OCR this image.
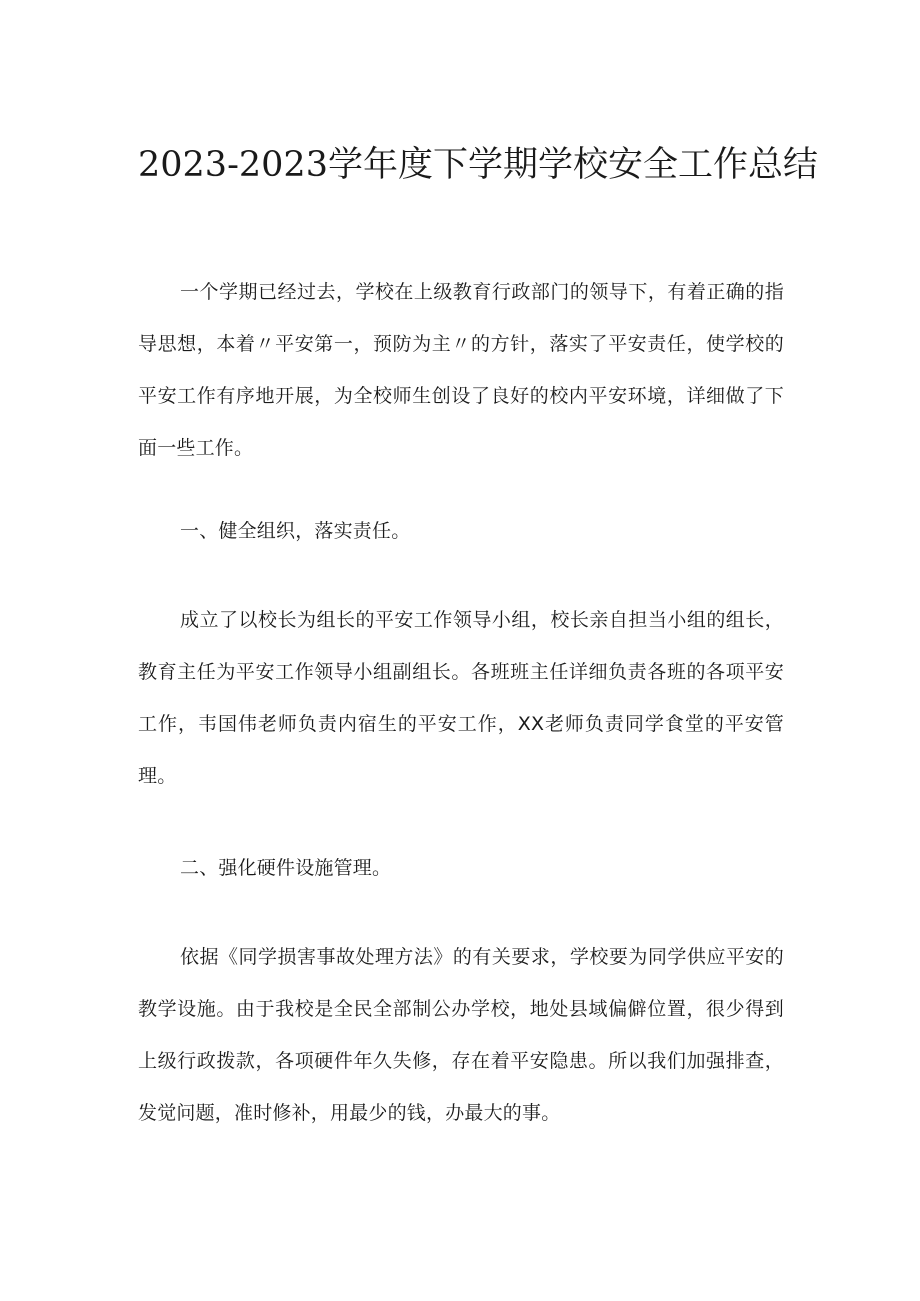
2023-2023学年度下学期学校安全工作总结
一个学期已经过去，学校在上级教育行政部门的领导下，有着正确的指导思想，本着〃平安第一，预防为主〃的方针，落实了平安责任，使学校的平安工作有序地开展，为全校师生创设了良好的校内平安环境，详细做了下面一些工作。
一、健全组织，落实责任。
成立了以校长为组长的平安工作领导小组，校长亲自担当小组的组长，教育主任为平安工作领导小组副组长。各班班主任详细负责各班的各项平安工作，韦国伟老师负责内宿生的平安工作，XX老师负责同学食堂的平安管理。
二、强化硬件设施管理。
依据《同学损害事故处理方法》的有关要求，学校要为同学供应平安的教学设施。由于我校是全民全部制公办学校，地处县域偏僻位置，很少得到上级行政拨款，各项硬件年久失修，存在着平安隐患。所以我们加强排查，发觉问题，准时修补，用最少的钱，办最大的事。
